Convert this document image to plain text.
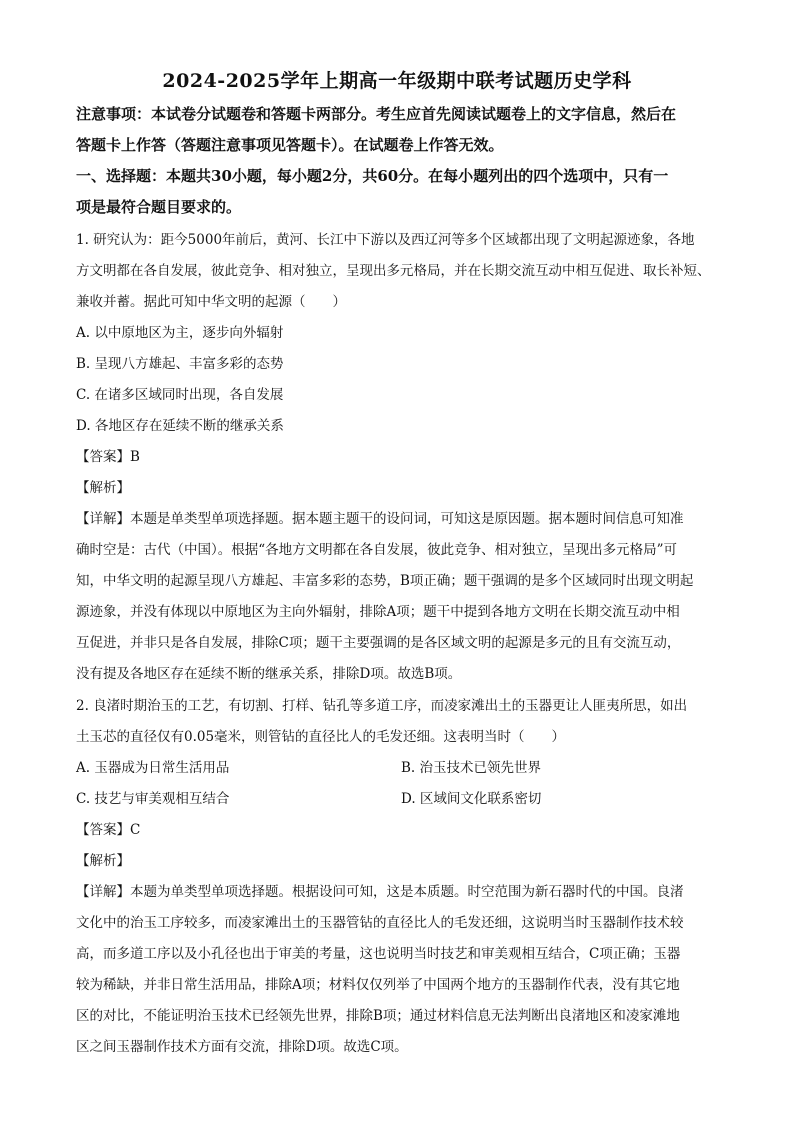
2024-2025学年上期高一年级期中联考试题历史学科

注意事项：本试卷分试题卷和答题卡两部分。考生应首先阅读试题卷上的文字信息，然后在

答题卡上作答（答题注意事项见答题卡）。在试题卷上作答无效。

一、选择题：本题共30小题，每小题2分，共60分。在每小题列出的四个选项中，只有一

项是最符合题目要求的。

1. 研究认为：距今5000年前后，黄河、长江中下游以及西辽河等多个区域都出现了文明起源迹象，各地

方文明都在各自发展，彼此竞争、相对独立，呈现出多元格局，并在长期交流互动中相互促进、取长补短、

兼收并蓄。据此可知中华文明的起源（　　）

A. 以中原地区为主，逐步向外辐射

B. 呈现八方雄起、丰富多彩的态势

C. 在诸多区域同时出现，各自发展

D. 各地区存在延续不断的继承关系

【答案】B

【解析】

【详解】本题是单类型单项选择题。据本题主题干的设问词，可知这是原因题。据本题时间信息可知准

确时空是：古代（中国）。根据“各地方文明都在各自发展，彼此竞争、相对独立，呈现出多元格局”可

知，中华文明的起源呈现八方雄起、丰富多彩的态势，B项正确；题干强调的是多个区域同时出现文明起

源迹象，并没有体现以中原地区为主向外辐射，排除A项；题干中提到各地方文明在长期交流互动中相

互促进，并非只是各自发展，排除C项；题干主要强调的是各区域文明的起源是多元的且有交流互动，

没有提及各地区存在延续不断的继承关系，排除D项。故选B项。

2. 良渚时期治玉的工艺，有切割、打样、钻孔等多道工序，而凌家滩出土的玉器更让人匪夷所思，如出

土玉芯的直径仅有0.05毫米，则管钻的直径比人的毛发还细。这表明当时（　　）

A. 玉器成为日常生活用品	B. 治玉技术已领先世界
C. 技艺与审美观相互结合	D. 区域间文化联系密切

【答案】C

【解析】

【详解】本题为单类型单项选择题。根据设问可知，这是本质题。时空范围为新石器时代的中国。良渚

文化中的治玉工序较多，而凌家滩出土的玉器管钻的直径比人的毛发还细，这说明当时玉器制作技术较

高，而多道工序以及小孔径也出于审美的考量，这也说明当时技艺和审美观相互结合，C项正确；玉器

较为稀缺，并非日常生活用品，排除A项；材料仅仅列举了中国两个地方的玉器制作代表，没有其它地

区的对比，不能证明治玉技术已经领先世界，排除B项；通过材料信息无法判断出良渚地区和凌家滩地

区之间玉器制作技术方面有交流，排除D项。故选C项。
